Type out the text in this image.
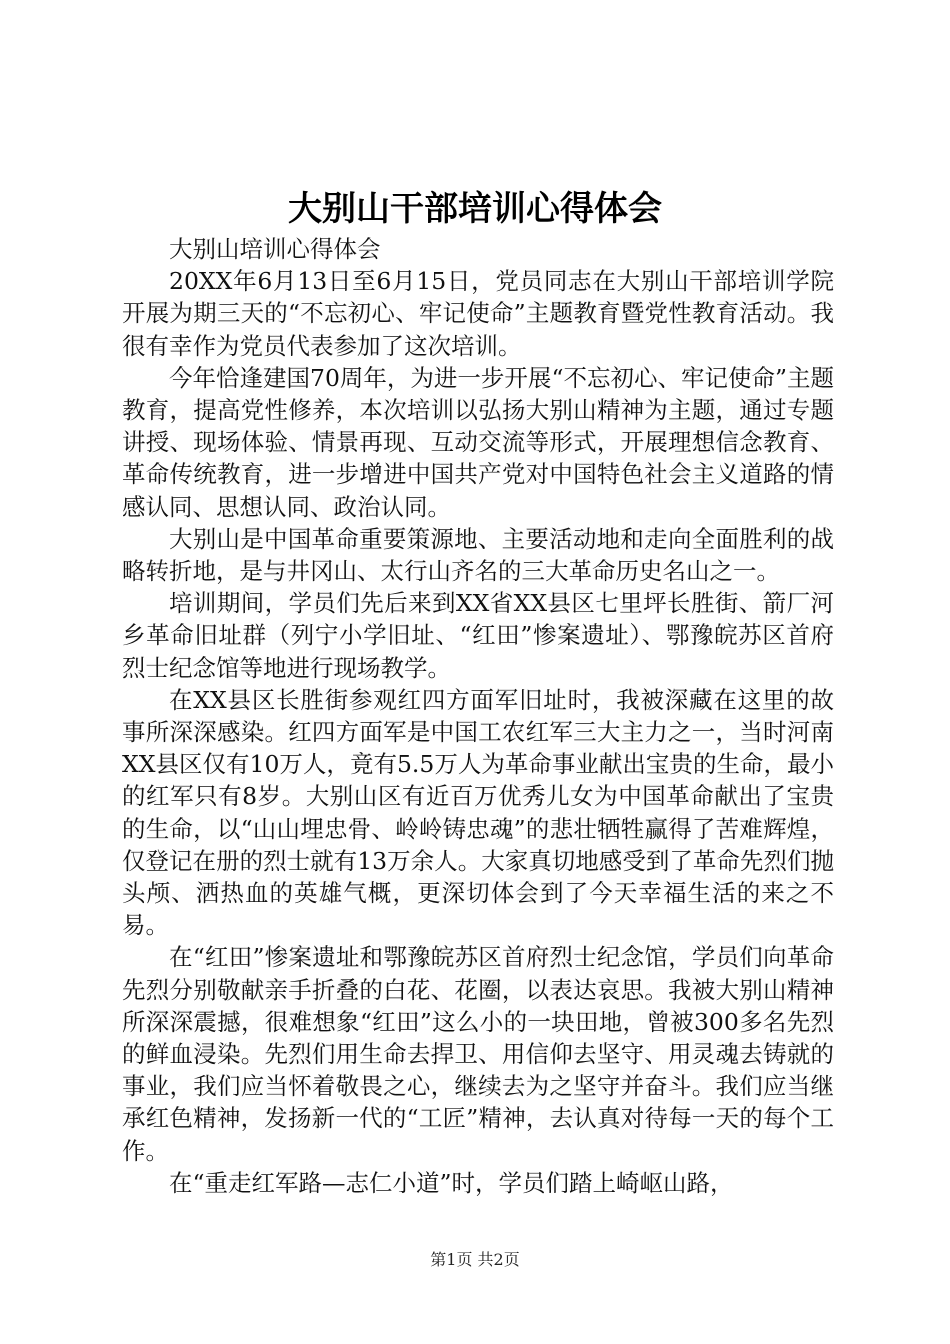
大别山干部培训心得体会

大别山培训心得体会

20XX年6月13日至6月15日，党员同志在大别山干部培训学院开展为期三天的“不忘初心、牢记使命”主题教育暨党性教育活动。我很有幸作为党员代表参加了这次培训。

今年恰逢建国70周年，为进一步开展“不忘初心、牢记使命”主题教育，提高党性修养，本次培训以弘扬大别山精神为主题，通过专题讲授、现场体验、情景再现、互动交流等形式，开展理想信念教育、革命传统教育，进一步增进中国共产党对中国特色社会主义道路的情感认同、思想认同、政治认同。

大别山是中国革命重要策源地、主要活动地和走向全面胜利的战略转折地，是与井冈山、太行山齐名的三大革命历史名山之一。

培训期间，学员们先后来到XX省XX县区七里坪长胜街、箭厂河乡革命旧址群（列宁小学旧址、“红田”惨案遗址）、鄂豫皖苏区首府烈士纪念馆等地进行现场教学。

在XX县区长胜街参观红四方面军旧址时，我被深藏在这里的故事所深深感染。红四方面军是中国工农红军三大主力之一，当时河南XX县区仅有10万人，竟有5.5万人为革命事业献出宝贵的生命，最小的红军只有8岁。大别山区有近百万优秀儿女为中国革命献出了宝贵的生命，以“山山埋忠骨、岭岭铸忠魂”的悲壮牺牲赢得了苦难辉煌，仅登记在册的烈士就有13万余人。大家真切地感受到了革命先烈们抛头颅、洒热血的英雄气概，更深切体会到了今天幸福生活的来之不易。

在“红田”惨案遗址和鄂豫皖苏区首府烈士纪念馆，学员们向革命先烈分别敬献亲手折叠的白花、花圈，以表达哀思。我被大别山精神所深深震撼，很难想象“红田”这么小的一块田地，曾被300多名先烈的鲜血浸染。先烈们用生命去捍卫、用信仰去坚守、用灵魂去铸就的事业，我们应当怀着敬畏之心，继续去为之坚守并奋斗。我们应当继承红色精神，发扬新一代的“工匠”精神，去认真对待每一天的每个工作。

在“重走红军路—志仁小道”时，学员们踏上崎岖山路，

第1页 共2页
